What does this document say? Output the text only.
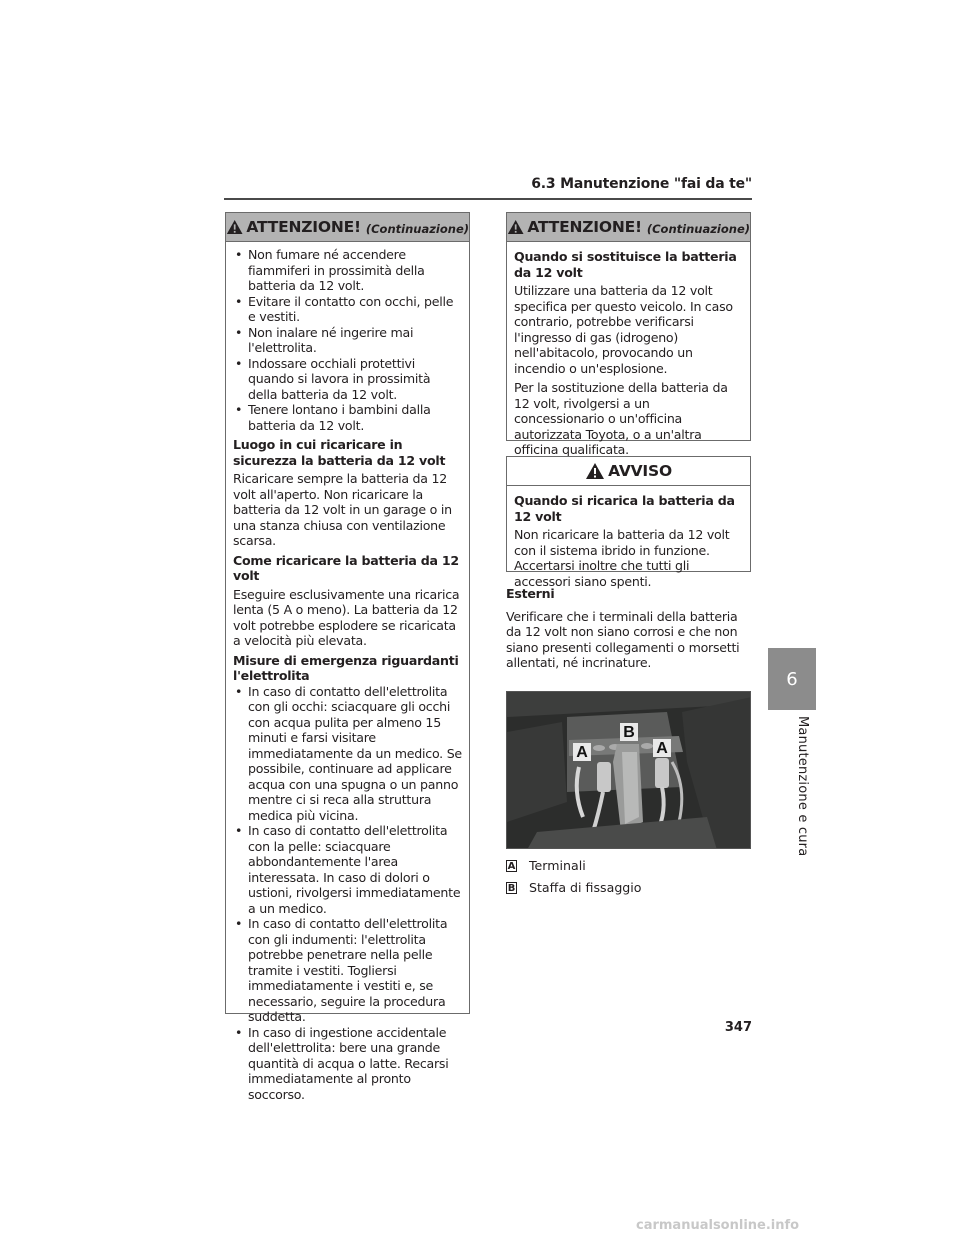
6.3 Manutenzione "fai da te"
ATTENZIONE! (Continuazione)
• Non fumare né accendere fiammiferi in prossimità della batteria da 12 volt.
• Evitare il contatto con occhi, pelle e vestiti.
• Non inalare né ingerire mai l'elettrolita.
• Indossare occhiali protettivi quando si lavora in prossimità della batteria da 12 volt.
• Tenere lontano i bambini dalla batteria da 12 volt.

Luogo in cui ricaricare in sicurezza la batteria da 12 volt

Ricaricare sempre la batteria da 12 volt all'aperto. Non ricaricare la batteria da 12 volt in un garage o in una stanza chiusa con ventilazione scarsa.

Come ricaricare la batteria da 12 volt

Eseguire esclusivamente una ricarica lenta (5 A o meno). La batteria da 12 volt potrebbe esplodere se ricaricata a velocità più elevata.

Misure di emergenza riguardanti l'elettrolita

• In caso di contatto dell'elettrolita con gli occhi: sciacquare gli occhi con acqua pulita per almeno 15 minuti e farsi visitare immediatamente da un medico. Se possibile, continuare ad applicare acqua con una spugna o un panno mentre ci si reca alla struttura medica più vicina.
• In caso di contatto dell'elettrolita con la pelle: sciacquare abbondantemente l'area interessata. In caso di dolori o ustioni, rivolgersi immediatamente a un medico.
• In caso di contatto dell'elettrolita con gli indumenti: l'elettrolita potrebbe penetrare nella pelle tramite i vestiti. Togliersi immediatamente i vestiti e, se necessario, seguire la procedura suddetta.
• In caso di ingestione accidentale dell'elettrolita: bere una grande quantità di acqua o latte. Recarsi immediatamente al pronto soccorso.
ATTENZIONE! (Continuazione)

Quando si sostituisce la batteria da 12 volt

Utilizzare una batteria da 12 volt specifica per questo veicolo. In caso contrario, potrebbe verificarsi l'ingresso di gas (idrogeno) nell'abitacolo, provocando un incendio o un'esplosione.

Per la sostituzione della batteria da 12 volt, rivolgersi a un concessionario o un'officina autorizzata Toyota, o a un'altra officina qualificata.

AVVISO

Quando si ricarica la batteria da 12 volt

Non ricaricare la batteria da 12 volt con il sistema ibrido in funzione. Accertarsi inoltre che tutti gli accessori siano spenti.

Esterni

Verificare che i terminali della batteria da 12 volt non siano corrosi e che non siano presenti collegamenti o morsetti allentati, né incrinature.

A	A
B
A Terminali
B Staffa di fissaggio
6
Manutenzione e cura
347
carmanualsonline.info
